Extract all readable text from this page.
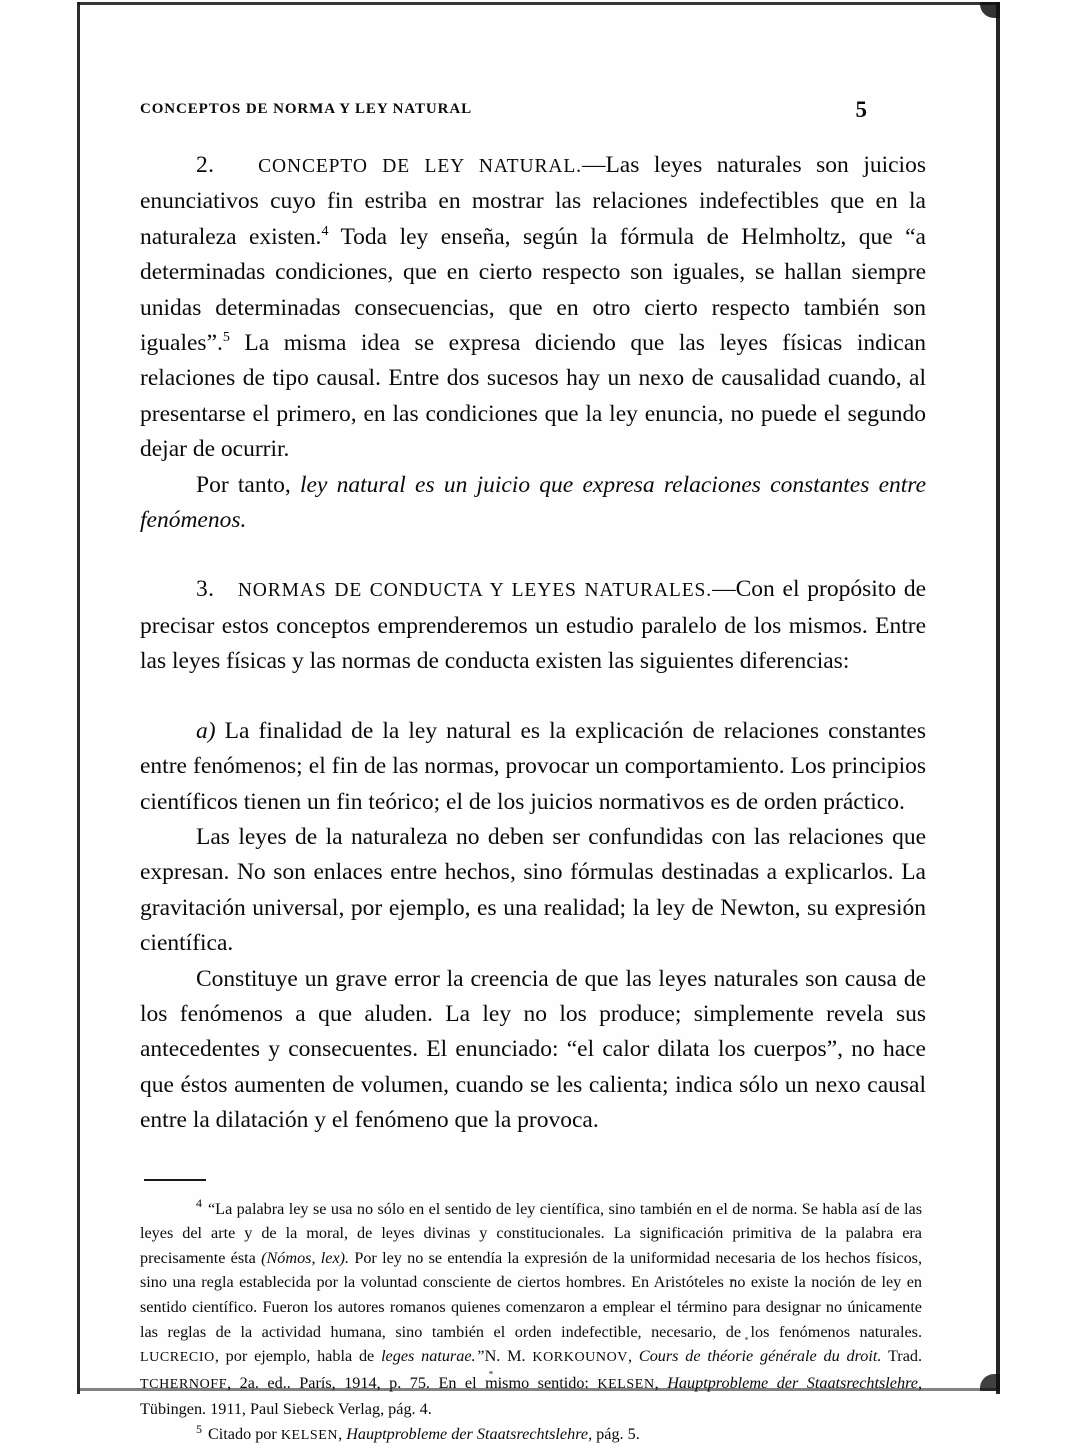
CONCEPTOS DE NORMA Y LEY NATURAL	5

2. CONCEPTO DE LEY NATURAL.—Las leyes naturales son juicios enunciativos cuyo fin estriba en mostrar las relaciones indefectibles que en la naturaleza existen.$^4$ Toda ley enseña, según la fórmula de Helmholtz, que “a determinadas condiciones, que en cierto respecto son iguales, se hallan siempre unidas determinadas consecuencias, que en otro cierto respecto también son iguales”.$^5$ La misma idea se expresa diciendo que las leyes físicas indican relaciones de tipo causal. Entre dos sucesos hay un nexo de causalidad cuando, al presentarse el primero, en las condiciones que la ley enuncia, no puede el segundo dejar de ocurrir.

Por tanto, ley natural es un juicio que expresa relaciones constantes entre fenómenos.

3. NORMAS DE CONDUCTA Y LEYES NATURALES.—Con el propósito de precisar estos conceptos emprenderemos un estudio paralelo de los mismos. Entre las leyes físicas y las normas de conducta existen las siguientes diferencias:

a) La finalidad de la ley natural es la explicación de relaciones constantes entre fenómenos; el fin de las normas, provocar un comportamiento. Los principios científicos tienen un fin teórico; el de los juicios normativos es de orden práctico.

Las leyes de la naturaleza no deben ser confundidas con las relaciones que expresan. No son enlaces entre hechos, sino fórmulas destinadas a explicarlos. La gravitación universal, por ejemplo, es una realidad; la ley de Newton, su expresión científica.

Constituye un grave error la creencia de que las leyes naturales son causa de los fenómenos a que aluden. La ley no los produce; simplemente revela sus antecedentes y consecuentes. El enunciado: “el calor dilata los cuerpos”, no hace que éstos aumenten de volumen, cuando se les calienta; indica sólo un nexo causal entre la dilatación y el fenómeno que la provoca.

$^4$ “La palabra ley se usa no sólo en el sentido de ley científica, sino también en el de norma. Se habla así de las leyes del arte y de la moral, de leyes divinas y constitucionales. La significación primitiva de la palabra era precisamente ésta (Nómos, lex). Por ley no se entendía la expresión de la uniformidad necesaria de los hechos físicos, sino una regla establecida por la voluntad consciente de ciertos hombres. En Aristóteles no existe la noción de ley en sentido científico. Fueron los autores romanos quienes comenzaron a emplear el término para designar no únicamente las reglas de la actividad humana, sino también el orden indefectible, necesario, de los fenómenos naturales. LUCRECIO, por ejemplo, habla de leges naturae.”N. M. KORKOUNOV, Cours de théorie générale du droit. Trad. TCHERNOFF, 2a. ed.. París, 1914, p. 75. En el mismo sentido: KELSEN, Hauptprobleme der Staatsrechtslehre, Tübingen. 1911, Paul Siebeck Verlag, pág. 4.

$^5$ Citado por KELSEN, Hauptprobleme der Staatsrechtslehre, pág. 5.
